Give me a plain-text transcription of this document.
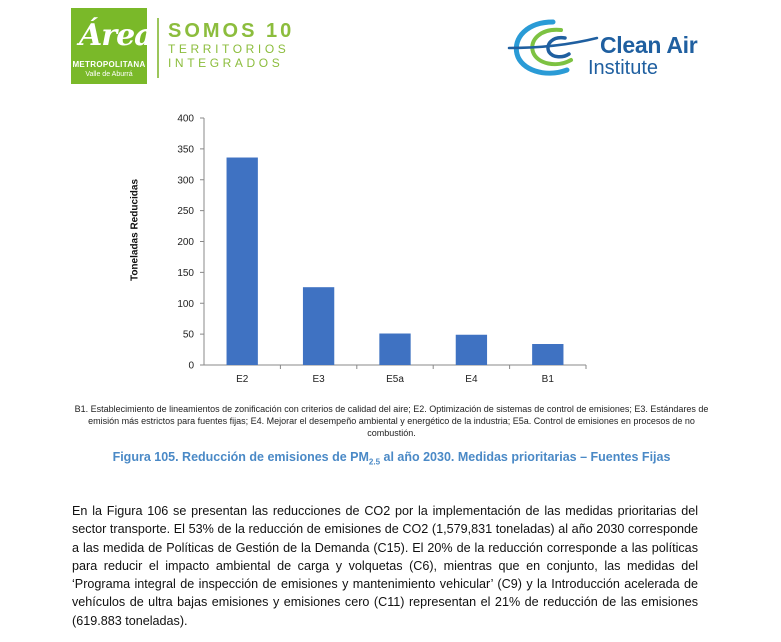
Área
METROPOLITANA
Valle de Aburrá
SOMOS 10
TERRITORIOS
INTEGRADOS
Clean Air
Institute
0
50
100
150
200
250
300
350
400
E2	E3	E5a	E4	B1
Toneladas Reducidas
B1. Establecimiento de lineamientos de zonificación con criterios de calidad del aire; E2. Optimización de sistemas de control de emisiones; E3. Estándares de emisión más estrictos para fuentes fijas; E4. Mejorar el desempeño ambiental y energético de la industria; E5a. Control de emisiones en procesos de no combustión.
Figura 105. Reducción de emisiones de $PM_{2.5}$ al año 2030. Medidas prioritarias – Fuentes Fijas
En la Figura 106 se presentan las reducciones de CO2 por la implementación de las medidas prioritarias del sector transporte. El 53% de la reducción de emisiones de CO2 (1,579,831 toneladas) al año 2030 corresponde a las medida de Políticas de Gestión de la Demanda (C15). El 20% de la reducción corresponde a las políticas para reducir el impacto ambiental de carga y volquetas (C6), mientras que en conjunto, las medidas del ‘Programa integral de inspección de emisiones y mantenimiento vehicular’ (C9) y la Introducción acelerada de vehículos de ultra bajas emisiones y emisiones cero (C11) representan el 21% de reducción de las emisiones (619.883 toneladas).
